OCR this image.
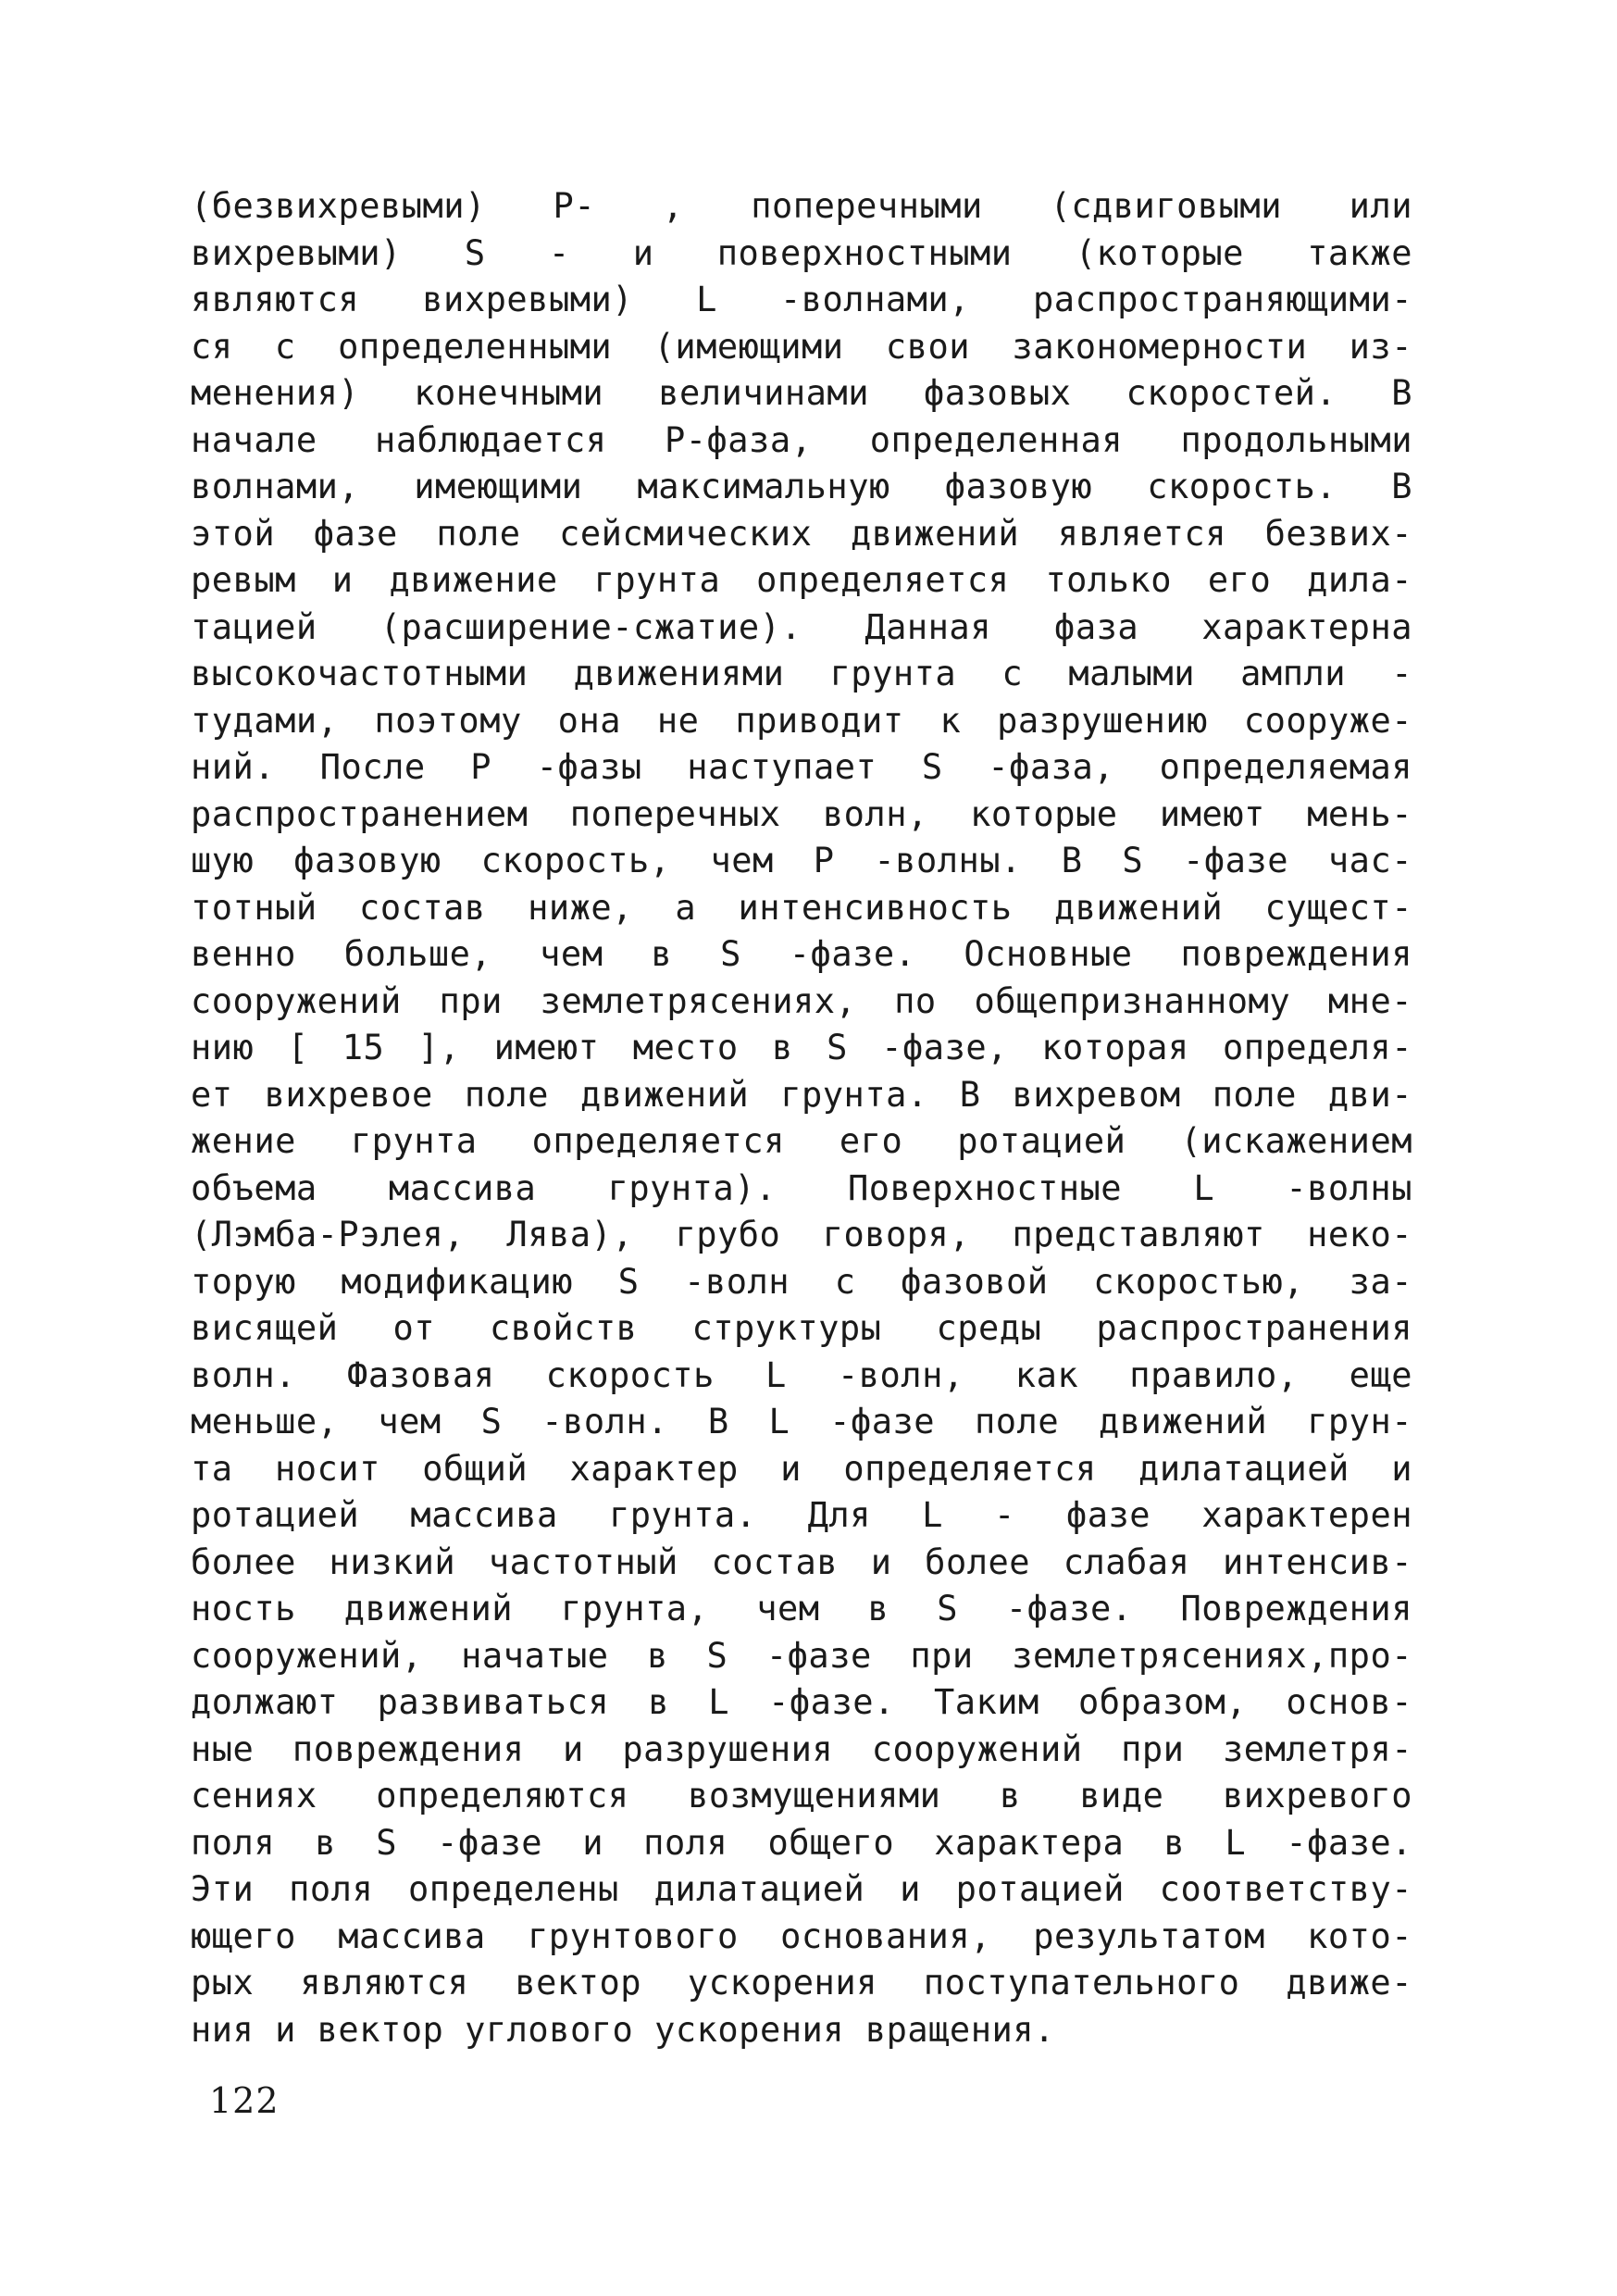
(безвихревыми) Р- , поперечными (сдвиговыми или
вихревыми) S - и поверхностными (которые также
являются вихревыми) L -волнами, распространяющими-
ся с определенными (имеющими свои закономерности из-
менения) конечными величинами фазовых скоростей. В
начале наблюдается Р-фаза, определенная продольными
волнами, имеющими максимальную фазовую скорость. В
этой фазе поле сейсмических движений является безвих-
ревым и движение грунта определяется только его дила-
тацией (расширение-сжатие). Данная фаза характерна
высокочастотными движениями грунта с малыми ампли -
тудами, поэтому она не приводит к разрушению сооруже-
ний. После Р -фазы наступает S -фаза, определяемая
распространением поперечных волн, которые имеют мень-
шую фазовую скорость, чем Р -волны. В S -фазе час-
тотный состав ниже, а интенсивность движений сущест-
венно больше, чем в S -фазе. Основные повреждения
сооружений при землетрясениях, по общепризнанному мне-
нию [ 15 ], имеют место в S -фазе, которая определя-
ет вихревое поле движений грунта. В вихревом поле дви-
жение грунта определяется его ротацией (искажением
объема массива грунта). Поверхностные L -волны
(Лэмба-Рэлея, Лява), грубо говоря, представляют неко-
торую модификацию S -волн с фазовой скоростью, за-
висящей от свойств структуры среды распространения
волн. Фазовая скорость L -волн, как правило, еще
меньше, чем S -волн. В L -фазе поле движений грун-
та носит общий характер и определяется дилатацией и
ротацией массива грунта. Для L - фазе характерен
более низкий частотный состав и более слабая интенсив-
ность движений грунта, чем в S -фазе. Повреждения
сооружений, начатые в S -фазе при землетрясениях,про-
должают развиваться в L -фазе. Таким образом, основ-
ные повреждения и разрушения сооружений при землетря-
сениях определяются возмущениями в виде вихревого
поля в S -фазе и поля общего характера в L -фазе.
Эти поля определены дилатацией и ротацией соответству-
ющего массива грунтового основания, результатом кото-
рых являются вектор ускорения поступательного движе-
ния и вектор углового ускорения вращения.
122
